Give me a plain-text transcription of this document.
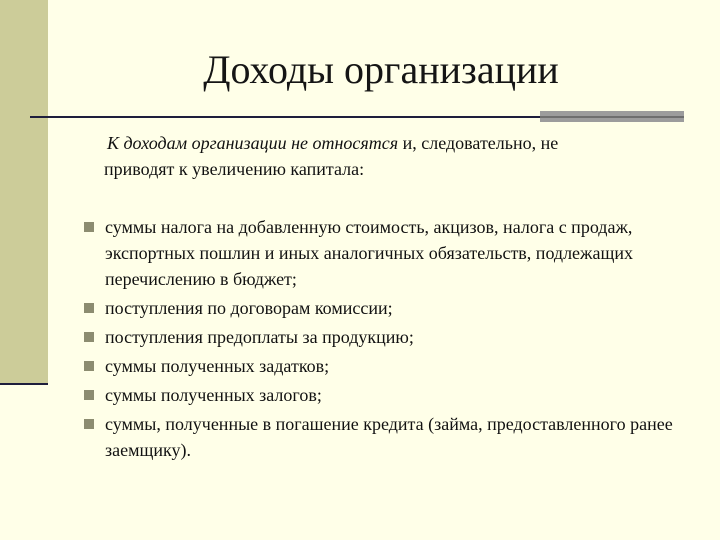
Доходы организации

К доходам организации не относятся и, следовательно, не
приводят к увеличению капитала:

суммы налога на добавленную стоимость, акцизов, налога с продаж, экспортных пошлин и иных аналогичных обязательств, подлежащих перечислению в бюджет;
поступления по договорам комиссии;
поступления предоплаты за продукцию;
суммы полученных задатков;
суммы полученных залогов;
суммы, полученные в погашение кредита (займа, предоставленного ранее заемщику).
